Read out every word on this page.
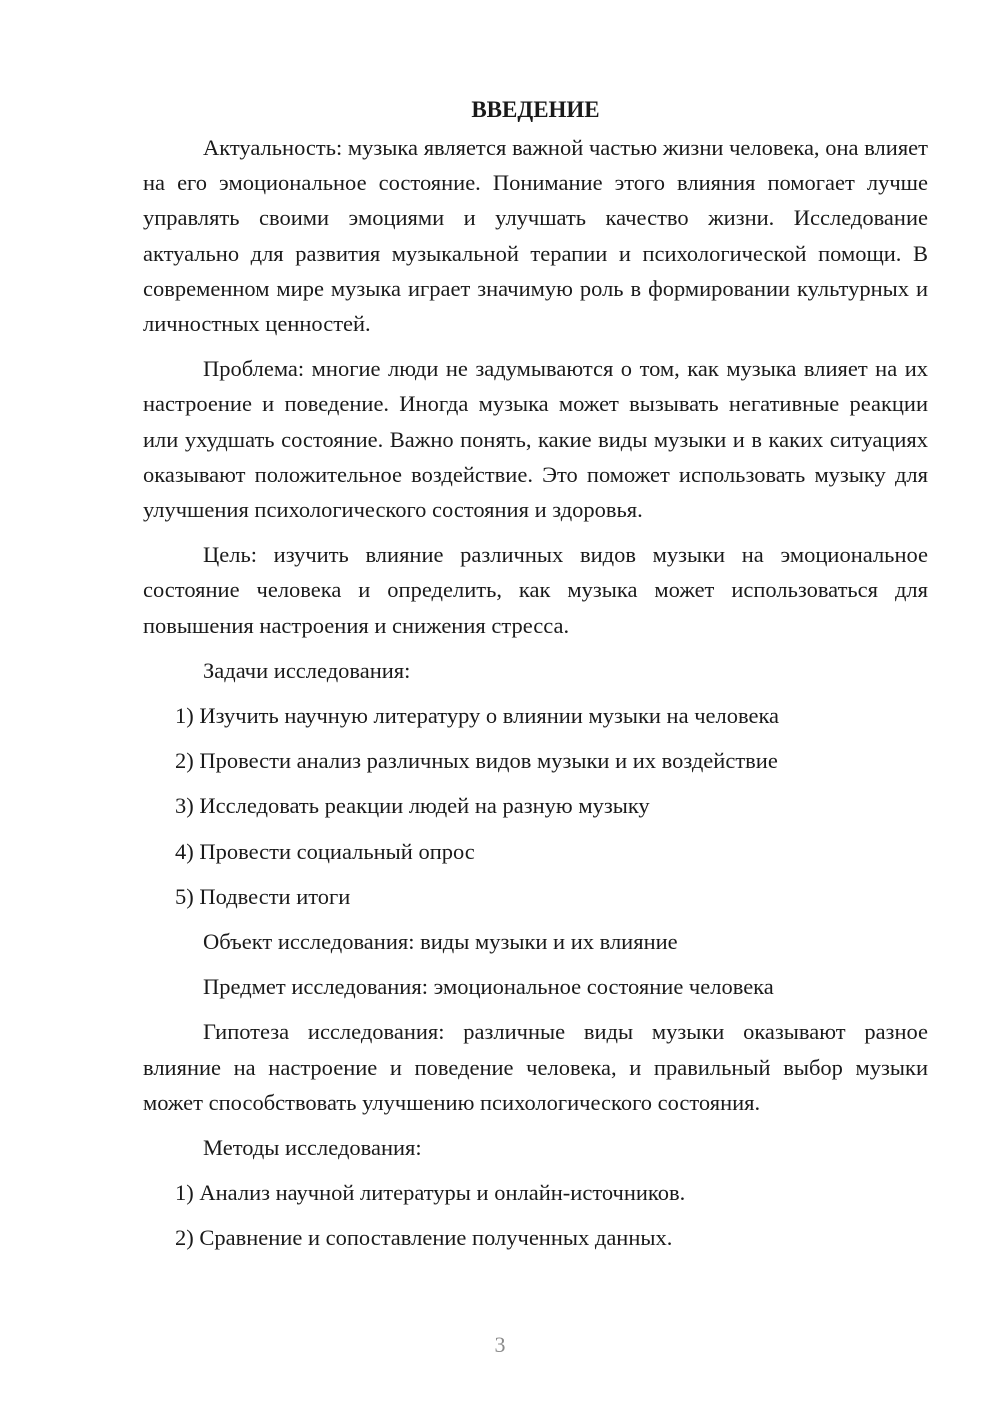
ВВЕДЕНИЕ

Актуальность: музыка является важной частью жизни человека, она влияет на его эмоциональное состояние. Понимание этого влияния помогает лучше управлять своими эмоциями и улучшать качество жизни. Исследование актуально для развития музыкальной терапии и психологической помощи. В современном мире музыка играет значимую роль в формировании культурных и личностных ценностей.

Проблема: многие люди не задумываются о том, как музыка влияет на их настроение и поведение. Иногда музыка может вызывать негативные реакции или ухудшать состояние. Важно понять, какие виды музыки и в каких ситуациях оказывают положительное воздействие. Это поможет использовать музыку для улучшения психологического состояния и здоровья.

Цель: изучить влияние различных видов музыки на эмоциональное состояние человека и определить, как музыка может использоваться для повышения настроения и снижения стресса.

Задачи исследования:

1) Изучить научную литературу о влиянии музыки на человека

2) Провести анализ различных видов музыки и их воздействие

3) Исследовать реакции людей на разную музыку

4) Провести социальный опрос

5) Подвести итоги

Объект исследования: виды музыки и их влияние

Предмет исследования: эмоциональное состояние человека

Гипотеза исследования: различные виды музыки оказывают разное влияние на настроение и поведение человека, и правильный выбор музыки может способствовать улучшению психологического состояния.

Методы исследования:

1) Анализ научной литературы и онлайн-источников.

2) Сравнение и сопоставление полученных данных.

3
